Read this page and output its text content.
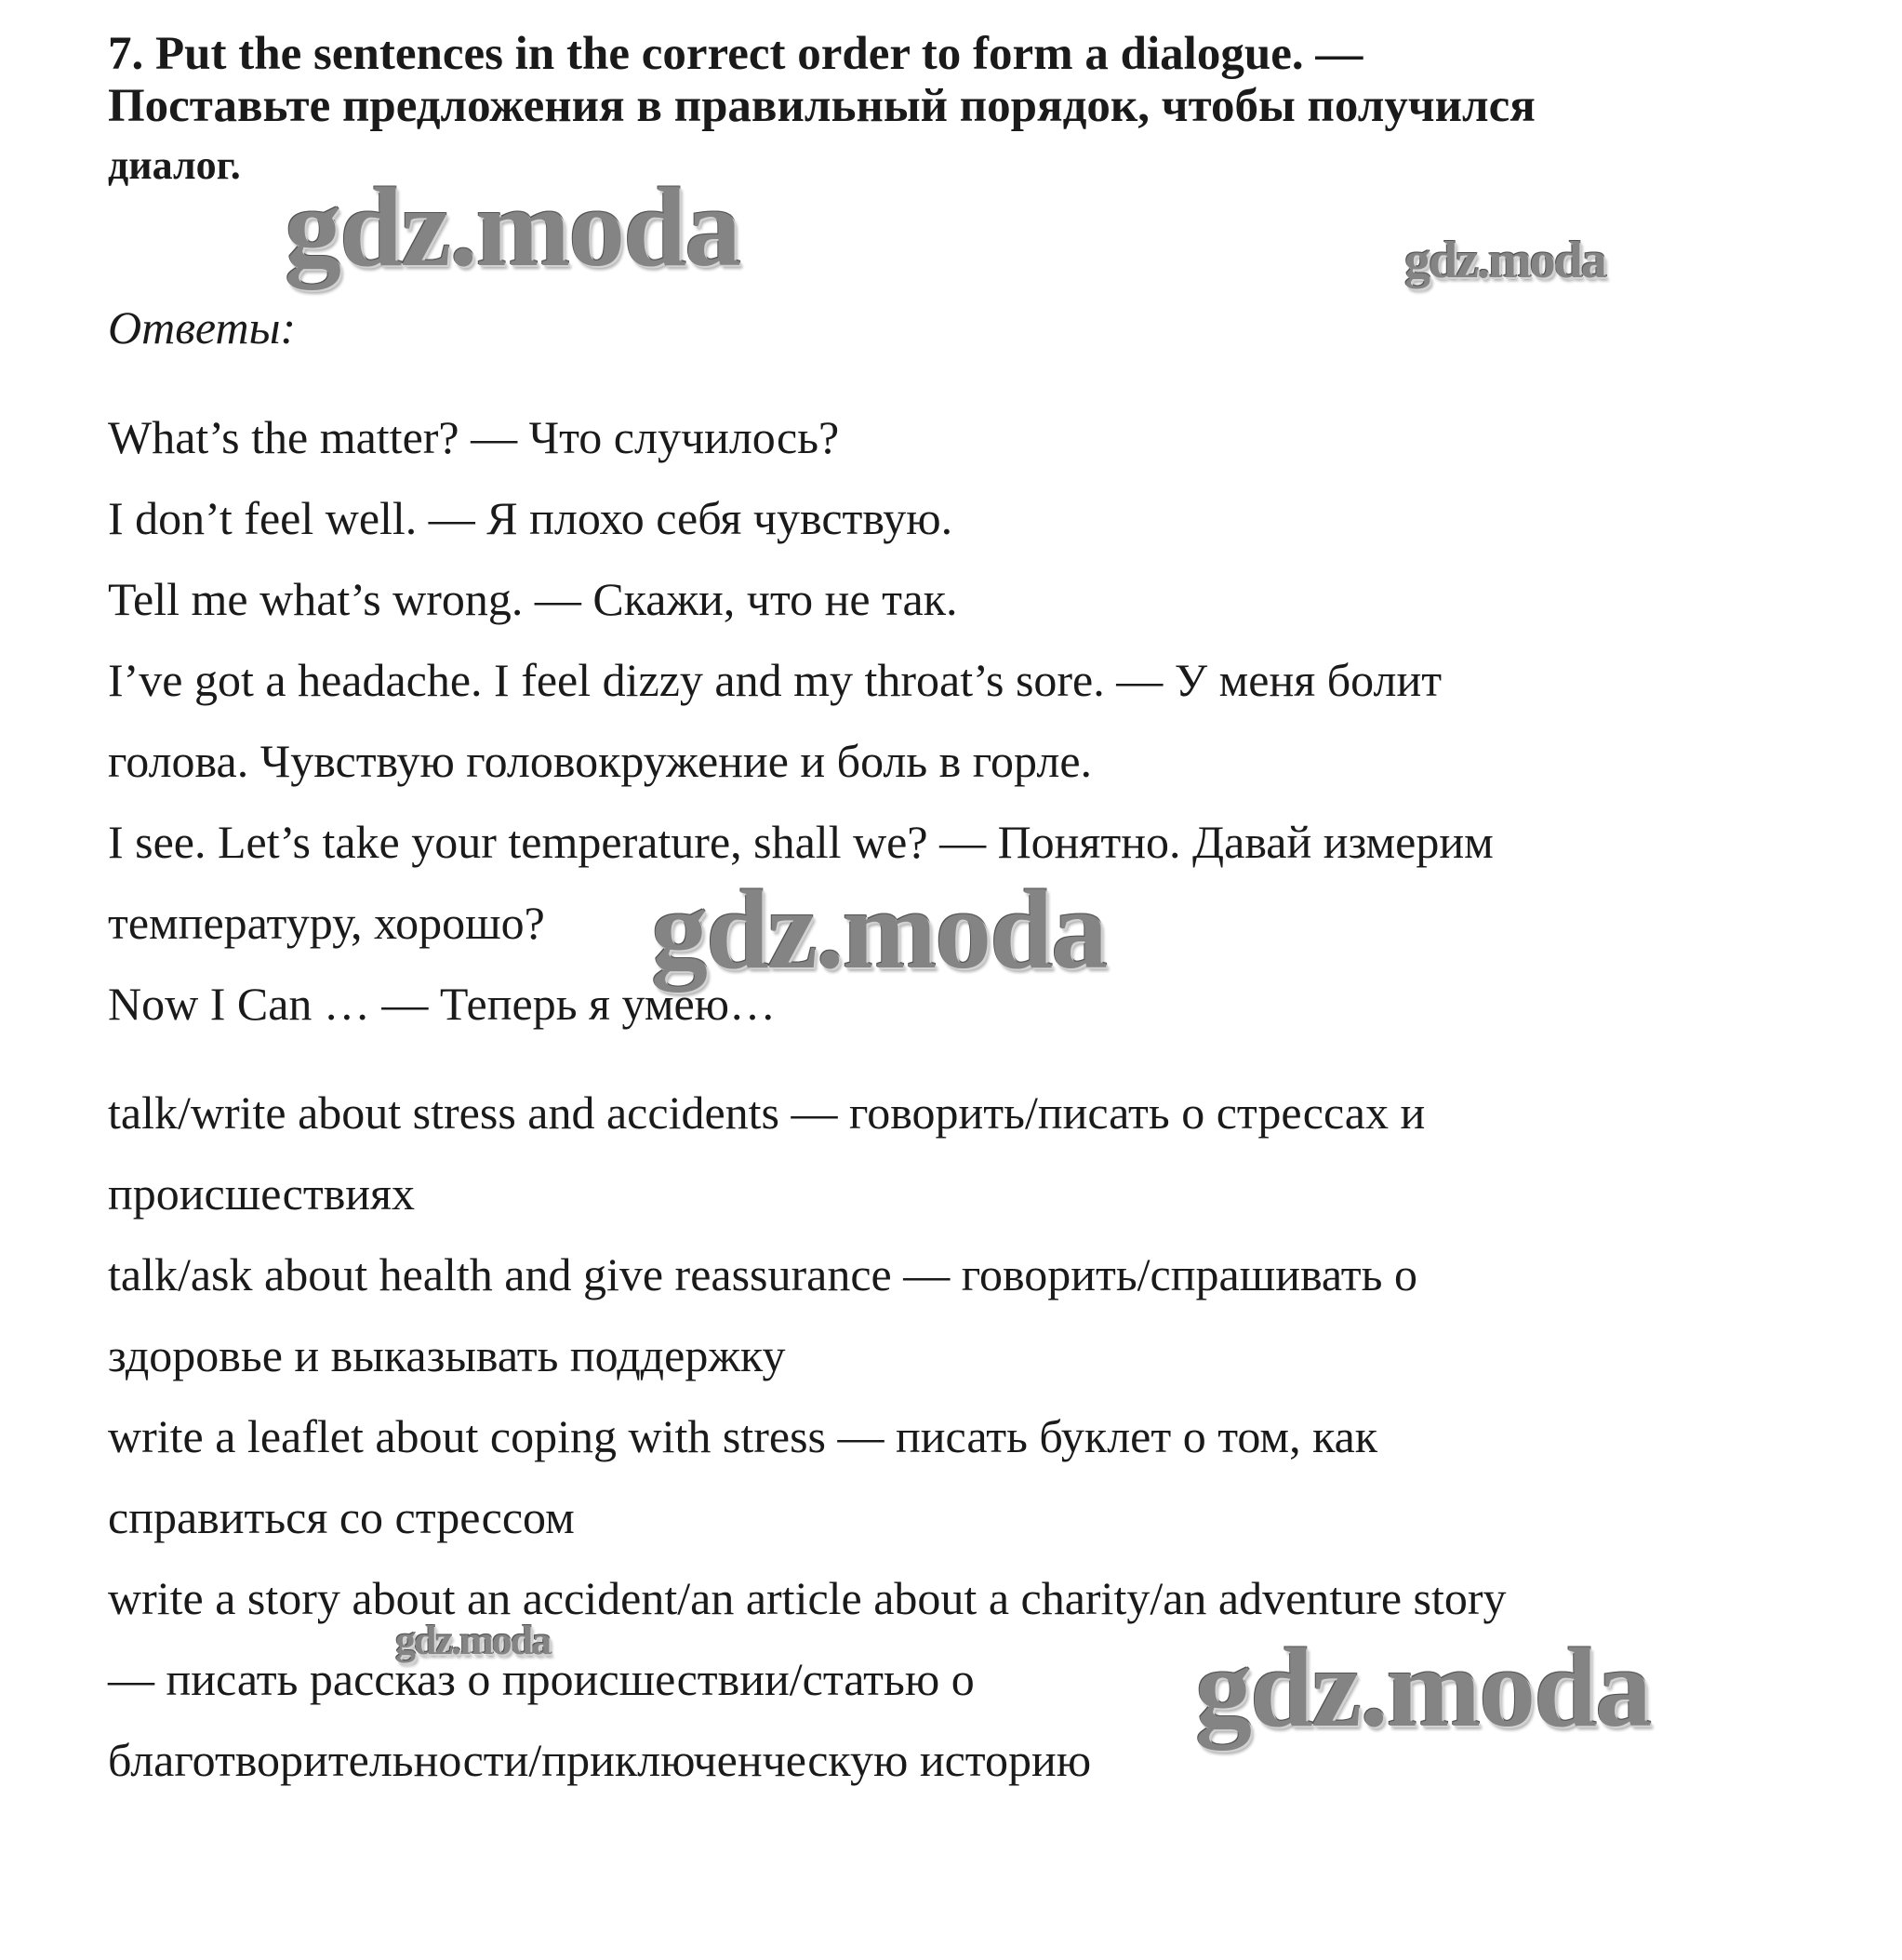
7. Put the sentences in the correct order to form a dialogue. —
Поставьте предложения в правильный порядок, чтобы получился
диалог.
Ответы:
What’s the matter? — Что случилось?
I don’t feel well. — Я плохо себя чувствую.
Tell me what’s wrong. — Скажи, что не так.
I’ve got a headache. I feel dizzy and my throat’s sore. — У меня болит
голова. Чувствую головокружение и боль в горле.
I see. Let’s take your temperature, shall we? — Понятно. Давай измерим
температуру, хорошо?
Now I Can … — Теперь я умею…
talk/write about stress and accidents — говорить/писать о стрессах и
происшествиях
talk/ask about health and give reassurance — говорить/спрашивать о
здоровье и выказывать поддержку
write a leaflet about coping with stress — писать буклет о том, как
справиться со стрессом
write a story about an accident/an article about a charity/an adventure story
— писать рассказ о происшествии/статью о
благотворительности/приключенческую историю
gdz.moda	gdz.moda
gdz.moda
gdz.moda	gdz.moda
